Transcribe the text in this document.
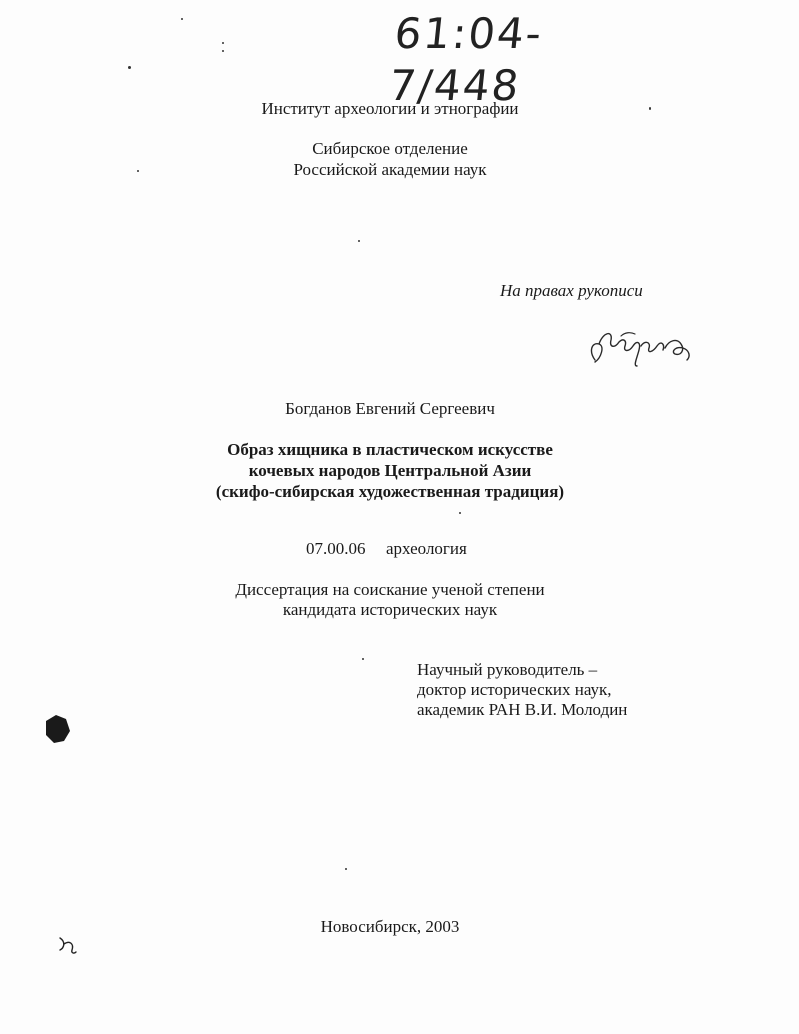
61:04-7/448
Институт археологии и этнографии
Сибирское отделение
Российской академии наук
На правах рукописи
Богданов Евгений Сергеевич
Образ хищника в пластическом искусстве
кочевых народов Центральной Азии
(скифо-сибирская художественная традиция)
07.00.06 археология
Диссертация на соискание ученой степени
кандидата исторических наук
Научный руководитель –
доктор исторических наук,
академик РАН В.И. Молодин
Новосибирск, 2003
